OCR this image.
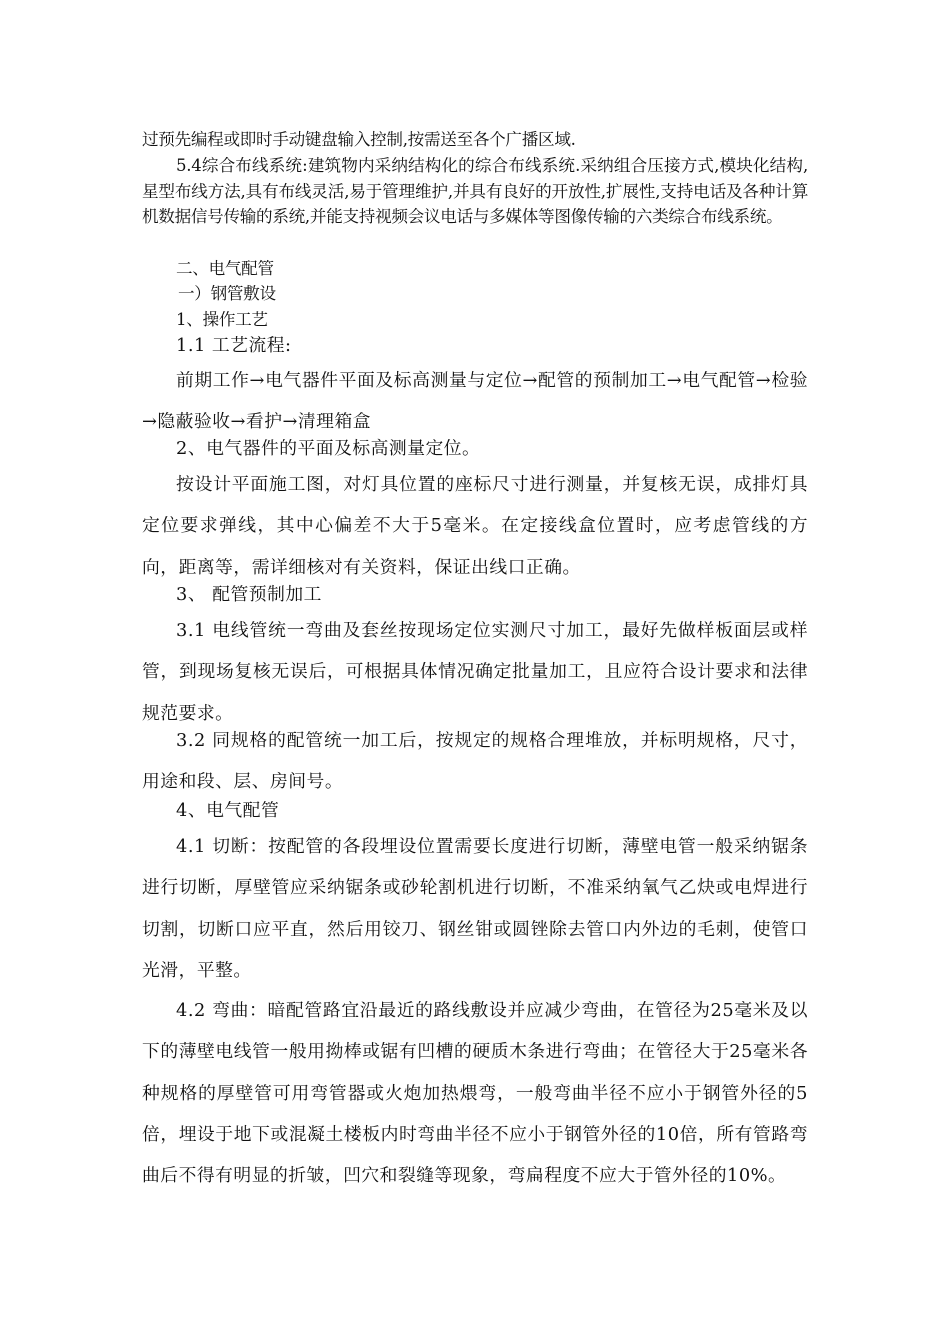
过预先编程或即时手动键盘输入控制,按需送至各个广播区域.

5.4综合布线系统:建筑物内采纳结构化的综合布线系统.采纳组合压接方式,模块化结构,星型布线方法,具有布线灵活,易于管理维护,并具有良好的开放性,扩展性,支持电话及各种计算机数据信号传输的系统,并能支持视频会议电话与多媒体等图像传输的六类综合布线系统。

二、电气配管

一）钢管敷设

1、操作工艺

1.1 工艺流程:

前期工作→电气器件平面及标高测量与定位→配管的预制加工→电气配管→检验→隐蔽验收→看护→清理箱盒

2、电气器件的平面及标高测量定位。

按设计平面施工图，对灯具位置的座标尺寸进行测量，并复核无误，成排灯具定位要求弹线，其中心偏差不大于5毫米。在定接线盒位置时，应考虑管线的方向，距离等，需详细核对有关资料，保证出线口正确。

3、 配管预制加工

3.1 电线管统一弯曲及套丝按现场定位实测尺寸加工，最好先做样板面层或样管，到现场复核无误后，可根据具体情况确定批量加工，且应符合设计要求和法律规范要求。

3.2 同规格的配管统一加工后，按规定的规格合理堆放，并标明规格，尺寸，用途和段、层、房间号。

4、电气配管

4.1 切断：按配管的各段埋设位置需要长度进行切断，薄壁电管一般采纳锯条进行切断，厚壁管应采纳锯条或砂轮割机进行切断，不准采纳氧气乙炔或电焊进行切割，切断口应平直，然后用铰刀、钢丝钳或圆锉除去管口内外边的毛刺，使管口光滑，平整。

4.2 弯曲：暗配管路宜沿最近的路线敷设并应减少弯曲，在管径为25毫米及以下的薄壁电线管一般用拗棒或锯有凹槽的硬质木条进行弯曲；在管径大于25毫米各种规格的厚壁管可用弯管器或火炮加热煨弯，一般弯曲半径不应小于钢管外径的5倍，埋设于地下或混凝土楼板内时弯曲半径不应小于钢管外径的10倍，所有管路弯曲后不得有明显的折皱，凹穴和裂缝等现象，弯扁程度不应大于管外径的10%。
